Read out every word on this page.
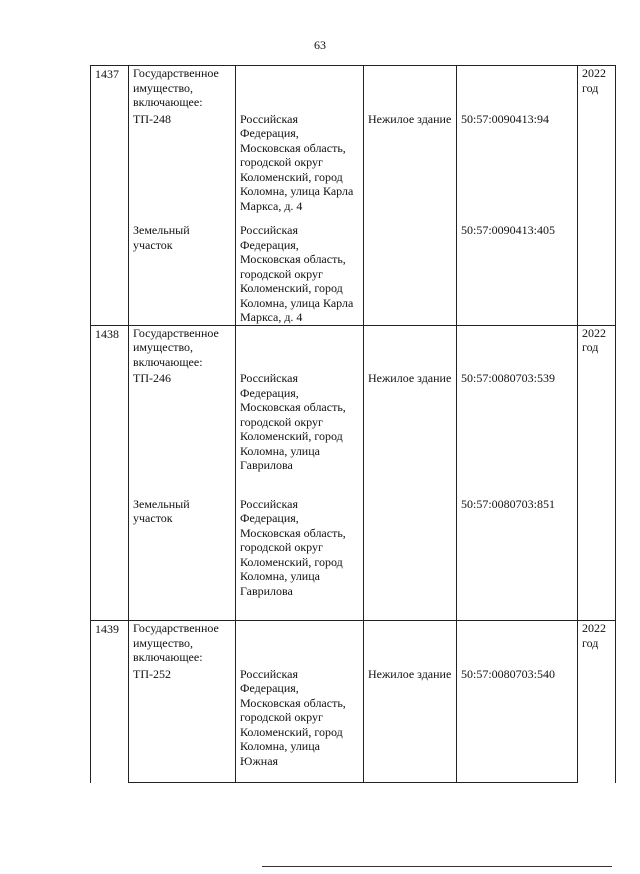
63
1437	Государственное имущество, включающее:				2022 год
	ТП-248	Российская Федерация, Московская область, городской округ Коломенский, город Коломна, улица Карла Маркса, д. 4	Нежилое здание	50:57:0090413:94	
	Земельный участок	Российская Федерация, Московская область, городской округ Коломенский, город Коломна, улица Карла Маркса, д. 4		50:57:0090413:405	
1438	Государственное имущество, включающее:				2022 год
	ТП-246	Российская Федерация, Московская область, городской округ Коломенский, город Коломна, улица Гаврилова	Нежилое здание	50:57:0080703:539	
	Земельный участок	Российская Федерация, Московская область, городской округ Коломенский, город Коломна, улица Гаврилова		50:57:0080703:851	
1439	Государственное имущество, включающее:				2022 год
	ТП-252	Российская Федерация, Московская область, городской округ Коломенский, город Коломна, улица Южная	Нежилое здание	50:57:0080703:540	
